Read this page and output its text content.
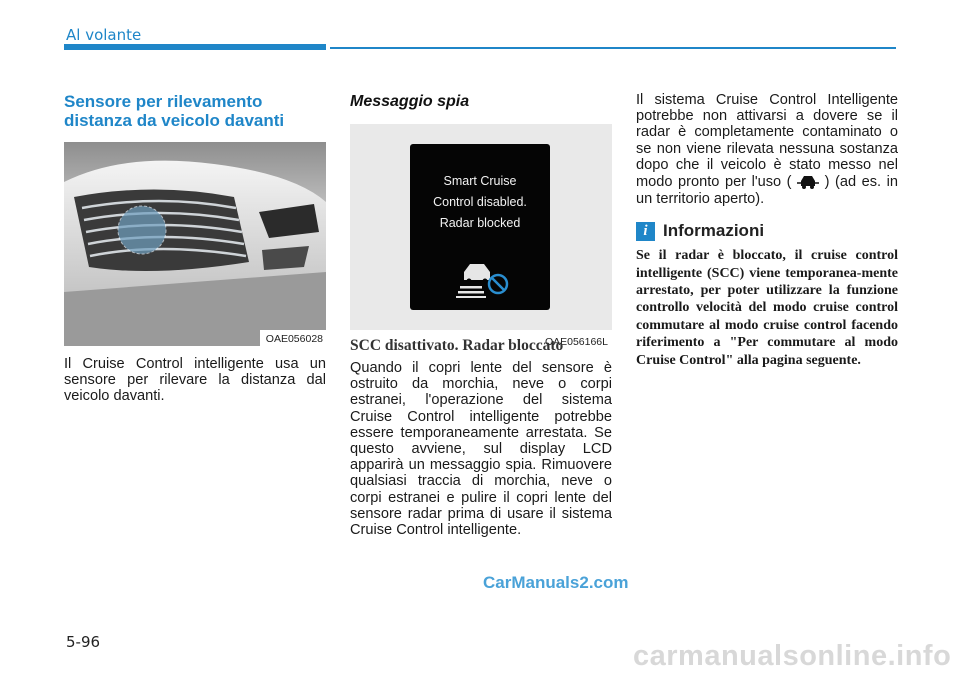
Al volante
Sensore per rilevamento distanza da veicolo davanti
OAE056028

Il Cruise Control intelligente usa un sensore per rilevare la distanza dal veicolo davanti.

Messaggio spia
Smart Cruise
Control disabled.
Radar blocked
OAE056166L
SCC disattivato. Radar bloccato

Quando il copri lente del sensore è ostruito da morchia, neve o corpi estranei, l'operazione del sistema Cruise Control intelligente potrebbe essere temporaneamente arrestata. Se questo avviene, sul display LCD apparirà un messaggio spia. Rimuovere qualsiasi traccia di morchia, neve o corpi estranei e pulire il copri lente del sensore radar prima di usare il sistema Cruise Control intelligente.

Il sistema Cruise Control Intelligente potrebbe non attivarsi a dovere se il radar è completamente contaminato o se non viene rilevata nessuna sostanza dopo che il veicolo è stato messo nel modo pronto per l'uso ( ) (ad es. in un territorio aperto).

i Informazioni

Se il radar è bloccato, il cruise control intelligente (SCC) viene temporanea-mente arrestato, per poter utilizzare la funzione controllo velocità del modo cruise control commutare al modo cruise control facendo riferimento a "Per commutare al modo Cruise Control" alla pagina seguente.

CarManuals2.com
5-96	carmanualsonline.info
